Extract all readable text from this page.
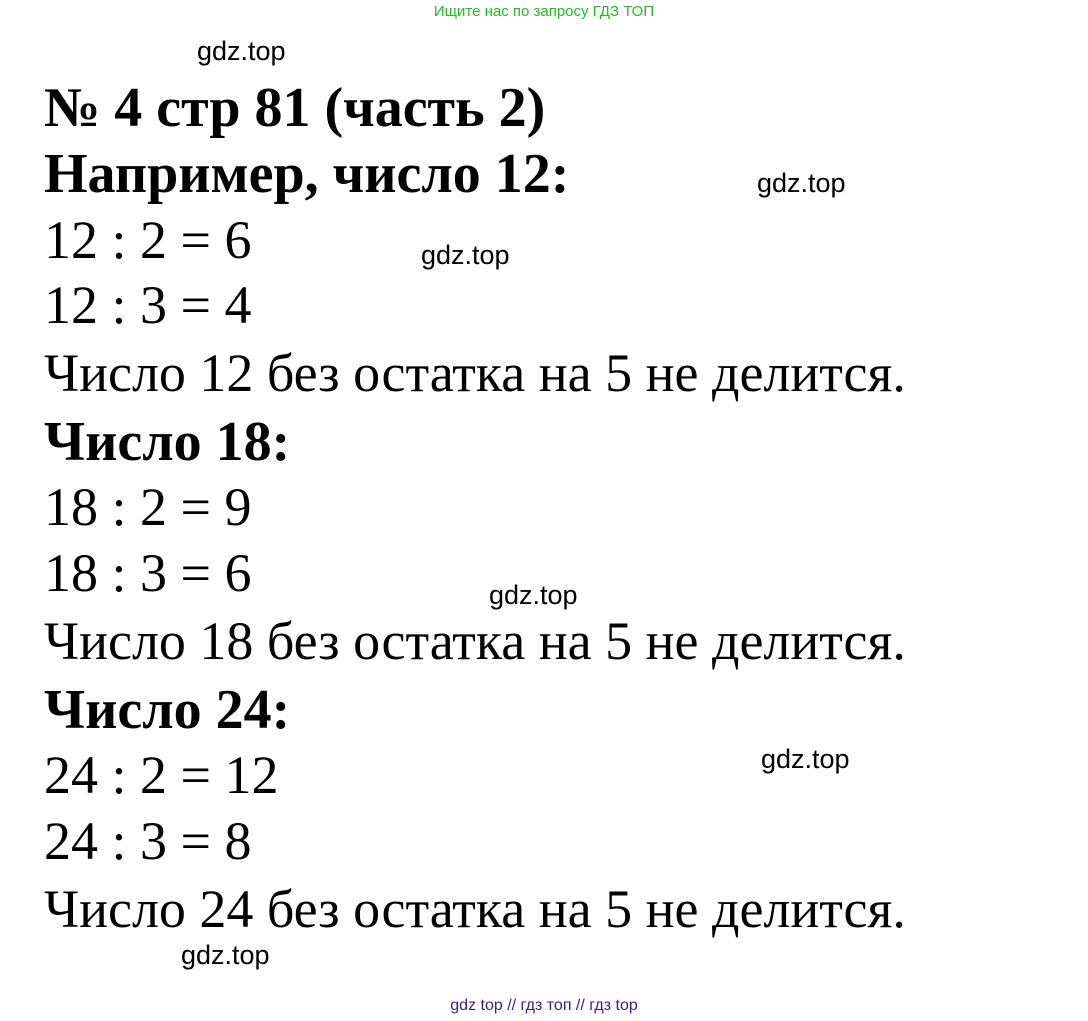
Ищите нас по запросу ГДЗ ТОП
gdz.top
gdz.top
gdz.top
gdz.top
gdz.top
gdz.top
№ 4 стр 81 (часть 2)
Например, число 12:
12 : 2 = 6
12 : 3 = 4
Число 12 без остатка на 5 не делится.
Число 18:
18 : 2 = 9
18 : 3 = 6
Число 18 без остатка на 5 не делится.
Число 24:
24 : 2 = 12
24 : 3 = 8
Число 24 без остатка на 5 не делится.
gdz top // гдз топ // гдз top
